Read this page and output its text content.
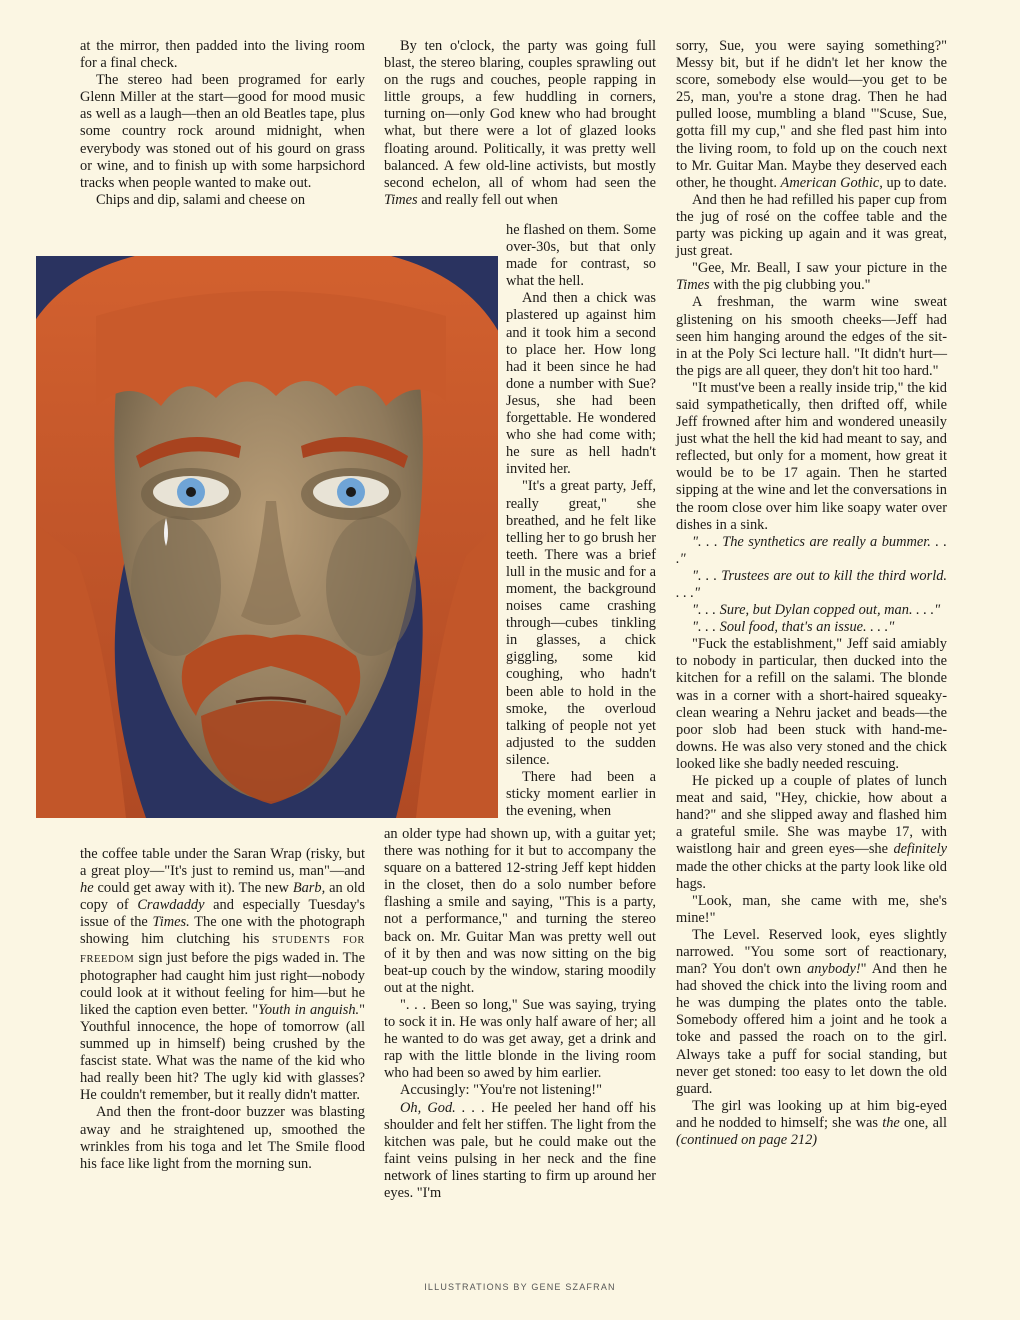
at the mirror, then padded into the living room for a final check.

The stereo had been programed for early Glenn Miller at the start—good for mood music as well as a laugh—then an old Beatles tape, plus some country rock around midnight, when everybody was stoned out of his gourd on grass or wine, and to finish up with some harpsichord tracks when people wanted to make out.

Chips and dip, salami and cheese on

By ten o'clock, the party was going full blast, the stereo blaring, couples sprawling out on the rugs and couches, people rapping in little groups, a few huddling in corners, turning on—only God knew who had brought what, but there were a lot of glazed looks floating around. Politically, it was pretty well balanced. A few old-line activists, but mostly second echelon, all of whom had seen the Times and really fell out when

he flashed on them. Some over-30s, but that only made for contrast, so what the hell.

And then a chick was plastered up against him and it took him a second to place her. How long had it been since he had done a number with Sue? Jesus, she had been forgettable. He wondered who she had come with; he sure as hell hadn't invited her.

"It's a great party, Jeff, really great," she breathed, and he felt like telling her to go brush her teeth. There was a brief lull in the music and for a moment, the background noises came crashing through—cubes tinkling in glasses, a chick giggling, some kid coughing, who hadn't been able to hold in the smoke, the overloud talking of people not yet adjusted to the sudden silence.

There had been a sticky moment earlier in the evening, when

the coffee table under the Saran Wrap (risky, but a great ploy—"It's just to remind us, man"—and he could get away with it). The new Barb, an old copy of Crawdaddy and especially Tuesday's issue of the Times. The one with the photograph showing him clutching his STUDENTS FOR FREEDOM sign just before the pigs waded in. The photographer had caught him just right—nobody could look at it without feeling for him—but he liked the caption even better. "Youth in anguish." Youthful innocence, the hope of tomorrow (all summed up in himself) being crushed by the fascist state. What was the name of the kid who had really been hit? The ugly kid with glasses? He couldn't remember, but it really didn't matter.

And then the front-door buzzer was blasting away and he straightened up, smoothed the wrinkles from his toga and let The Smile flood his face like light from the morning sun.

an older type had shown up, with a guitar yet; there was nothing for it but to accompany the square on a battered 12-string Jeff kept hidden in the closet, then do a solo number before flashing a smile and saying, "This is a party, not a performance," and turning the stereo back on. Mr. Guitar Man was pretty well out of it by then and was now sitting on the big beat-up couch by the window, staring moodily out at the night.

". . . Been so long," Sue was saying, trying to sock it in. He was only half aware of her; all he wanted to do was get away, get a drink and rap with the little blonde in the living room who had been so awed by him earlier.

Accusingly: "You're not listening!"

Oh, God. . . . He peeled her hand off his shoulder and felt her stiffen. The light from the kitchen was pale, but he could make out the faint veins pulsing in her neck and the fine network of lines starting to firm up around her eyes. "I'm

sorry, Sue, you were saying something?" Messy bit, but if he didn't let her know the score, somebody else would—you get to be 25, man, you're a stone drag. Then he had pulled loose, mumbling a bland "'Scuse, Sue, gotta fill my cup," and she fled past him into the living room, to fold up on the couch next to Mr. Guitar Man. Maybe they deserved each other, he thought. American Gothic, up to date.

And then he had refilled his paper cup from the jug of rosé on the coffee table and the party was picking up again and it was great, just great.

"Gee, Mr. Beall, I saw your picture in the Times with the pig clubbing you."

A freshman, the warm wine sweat glistening on his smooth cheeks—Jeff had seen him hanging around the edges of the sit-in at the Poly Sci lecture hall. "It didn't hurt—the pigs are all queer, they don't hit too hard."

"It must've been a really inside trip," the kid said sympathetically, then drifted off, while Jeff frowned after him and wondered uneasily just what the hell the kid had meant to say, and reflected, but only for a moment, how great it would be to be 17 again. Then he started sipping at the wine and let the conversations in the room close over him like soapy water over dishes in a sink.

". . . The synthetics are really a bummer. . . ."

". . . Trustees are out to kill the third world. . . ."

". . . Sure, but Dylan copped out, man. . . ."

". . . Soul food, that's an issue. . . ."

"Fuck the establishment," Jeff said amiably to nobody in particular, then ducked into the kitchen for a refill on the salami. The blonde was in a corner with a short-haired squeaky-clean wearing a Nehru jacket and beads—the poor slob had been stuck with hand-me-downs. He was also very stoned and the chick looked like she badly needed rescuing.

He picked up a couple of plates of lunch meat and said, "Hey, chickie, how about a hand?" and she slipped away and flashed him a grateful smile. She was maybe 17, with waistlong hair and green eyes—she definitely made the other chicks at the party look like old hags.

"Look, man, she came with me, she's mine!"

The Level. Reserved look, eyes slightly narrowed. "You some sort of reactionary, man? You don't own anybody!" And then he had shoved the chick into the living room and he was dumping the plates onto the table. Somebody offered him a joint and he took a toke and passed the roach on to the girl. Always take a puff for social standing, but never get stoned: too easy to let down the old guard.

The girl was looking up at him big-eyed and he nodded to himself; she was the one, all (continued on page 212)

ILLUSTRATIONS BY GENE SZAFRAN
